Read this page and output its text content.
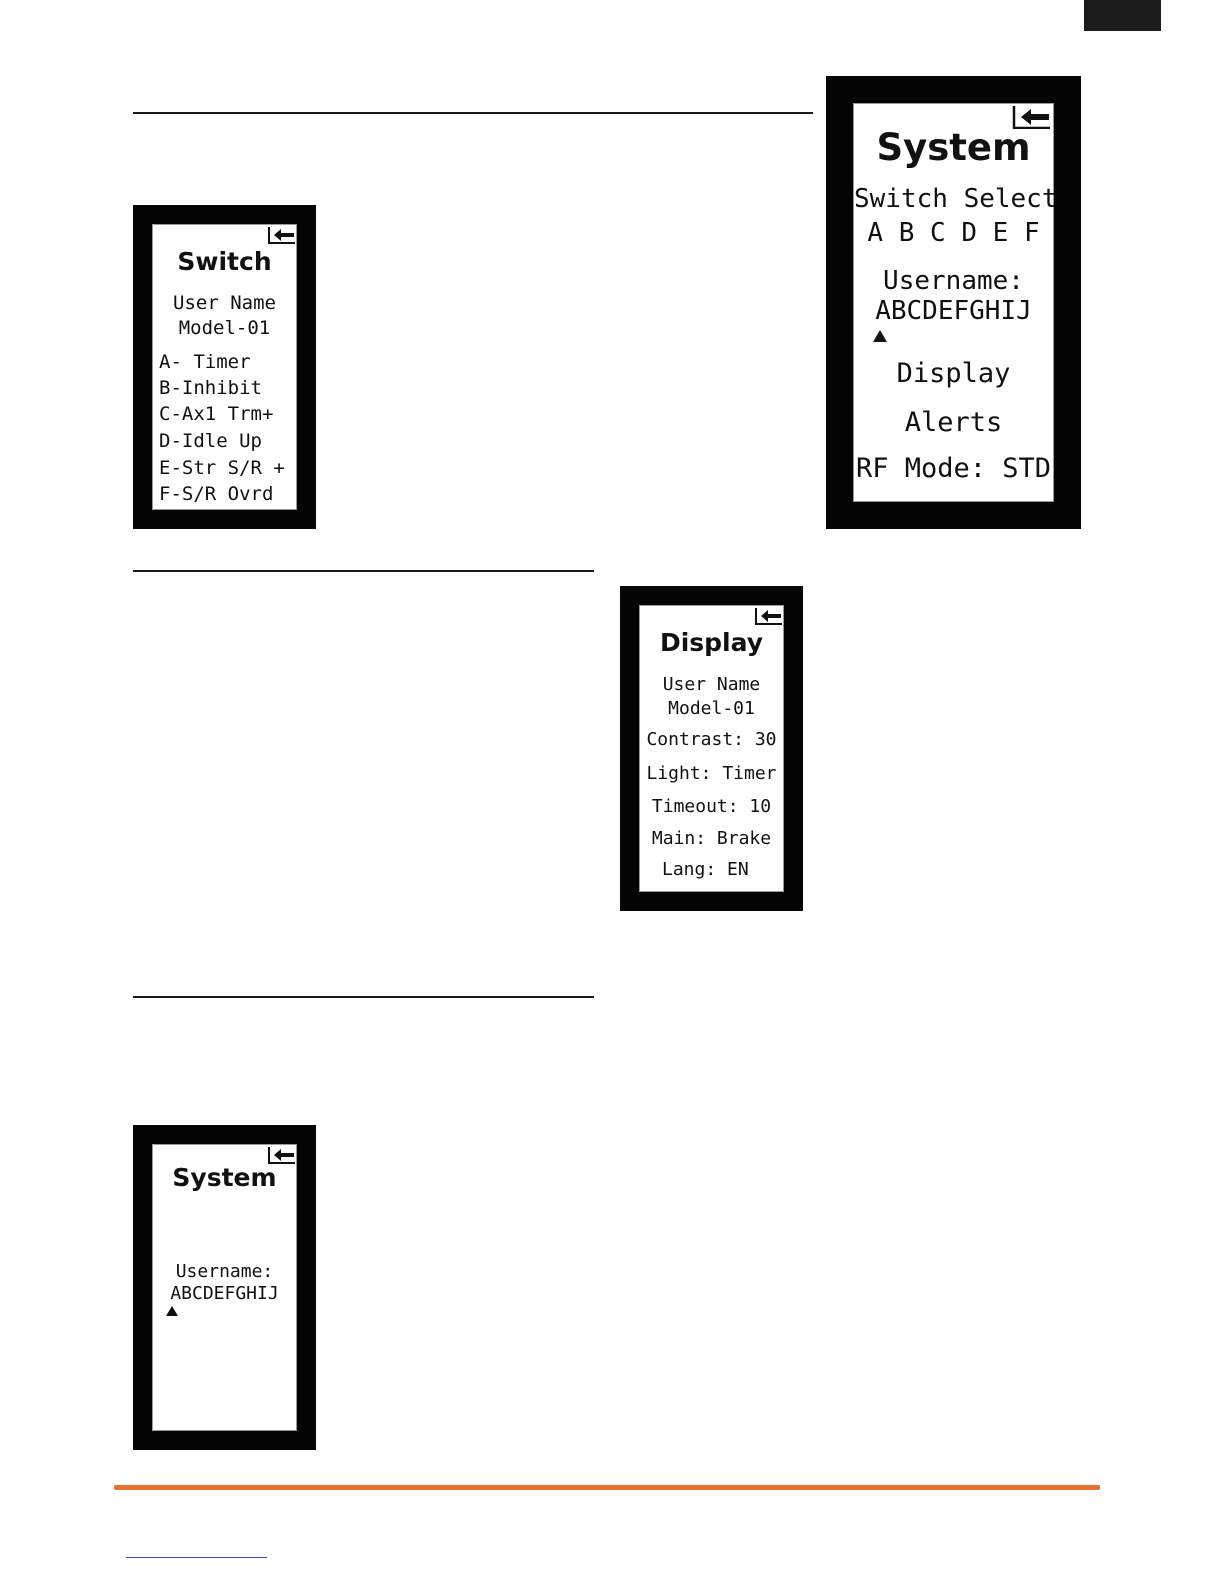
Switch
User Name
Model-01
A- Timer
B-Inhibit
C-Ax1 Trm+
D-Idle Up
E-Str S/R +
F-S/R Ovrd
System
Switch Select
A B C D E F
Username:
ABCDEFGHIJ
Display
Alerts
RF Mode: STD
Display
User Name
Model-01
Contrast: 30
Light: Timer
Timeout: 10
Main: Brake
Lang: EN
System
Username:
ABCDEFGHIJ
